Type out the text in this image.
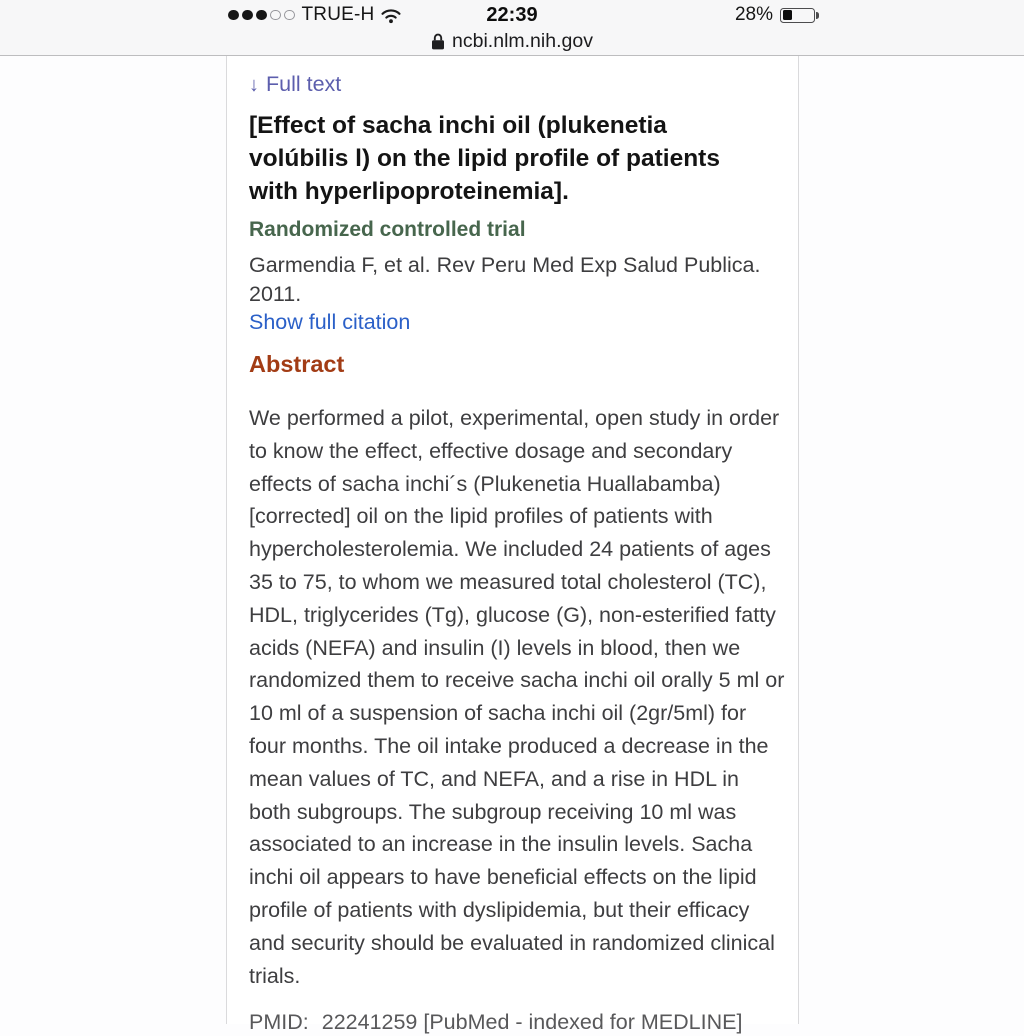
TRUE-H	22:39	28%
ncbi.nlm.nih.gov
↓ Full text
[Effect of sacha inchi oil (plukenetia volúbilis l) on the lipid profile of patients with hyperlipoproteinemia].
Randomized controlled trial
Garmendia F, et al. Rev Peru Med Exp Salud Publica. 2011.
Show full citation
Abstract
We performed a pilot, experimental, open study in order to know the effect, effective dosage and secondary effects of sacha inchi´s (Plukenetia Huallabamba) [corrected] oil on the lipid profiles of patients with hypercholesterolemia. We included 24 patients of ages 35 to 75, to whom we measured total cholesterol (TC), HDL, triglycerides (Tg), glucose (G), non-esterified fatty acids (NEFA) and insulin (I) levels in blood, then we randomized them to receive sacha inchi oil orally 5 ml or 10 ml of a suspension of sacha inchi oil (2gr/5ml) for four months. The oil intake produced a decrease in the mean values of TC, and NEFA, and a rise in HDL in both subgroups. The subgroup receiving 10 ml was associated to an increase in the insulin levels. Sacha inchi oil appears to have beneficial effects on the lipid profile of patients with dyslipidemia, but their efficacy and security should be evaluated in randomized clinical trials.
PMID: 22241259 [PubMed - indexed for MEDLINE]
